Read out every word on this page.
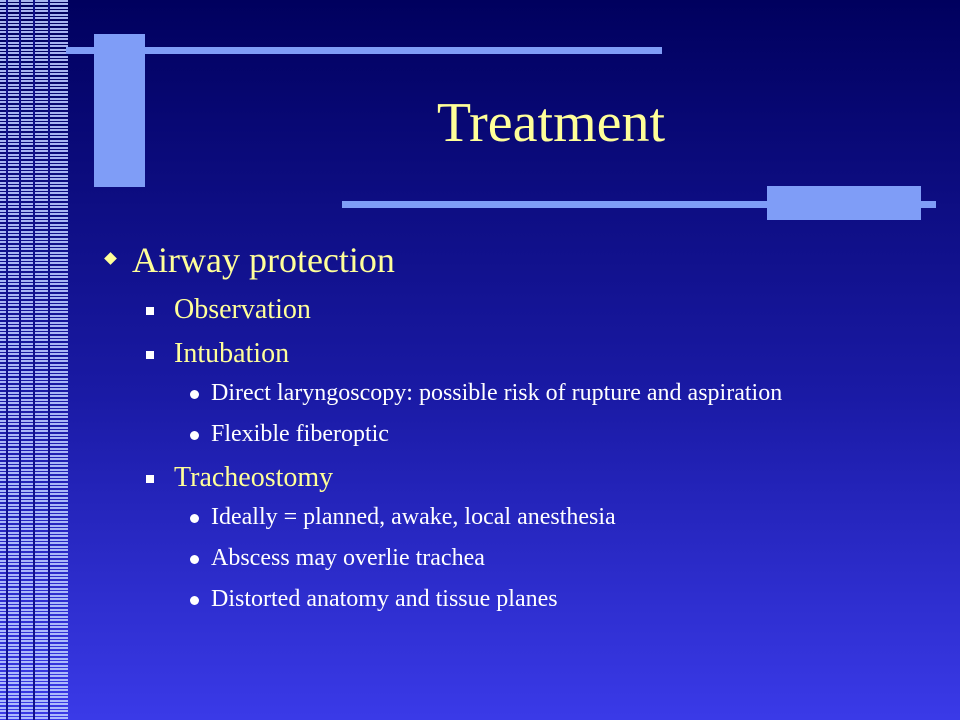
Treatment
Airway protection
Observation
Intubation
Direct laryngoscopy: possible risk of rupture and aspiration
Flexible fiberoptic
Tracheostomy
Ideally = planned, awake, local anesthesia
Abscess may overlie trachea
Distorted anatomy and tissue planes
